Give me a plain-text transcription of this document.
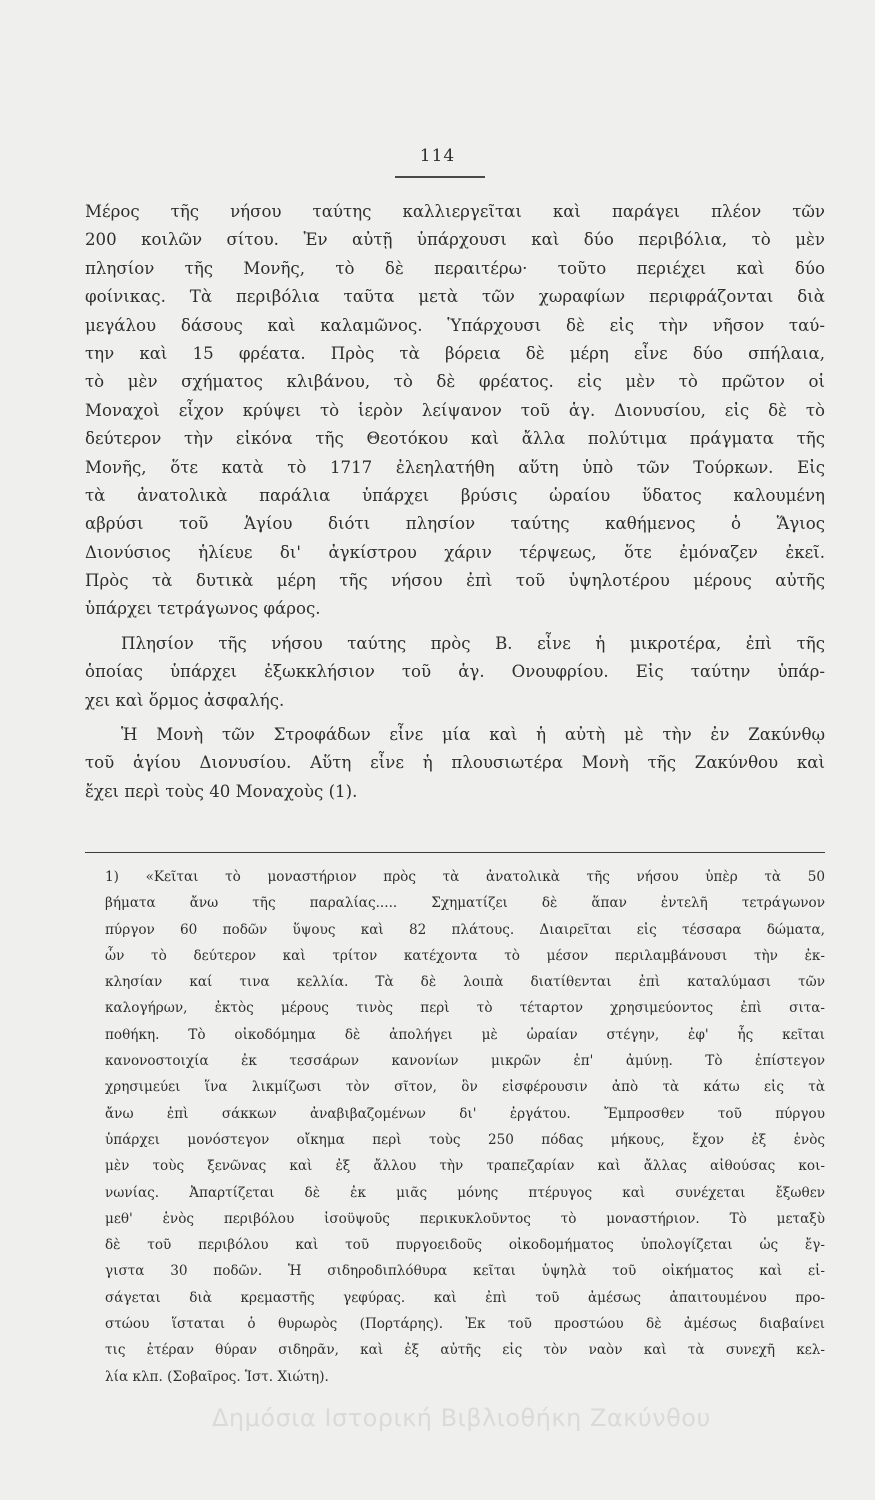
114
Μέρος τῆς νήσου ταύτης καλλιεργεῖται καὶ παράγει πλέον τῶν
200 κοιλῶν σίτου. Ἐν αὐτῇ ὑπάρχουσι καὶ δύο περιβόλια, τὸ μὲν
πλησίον τῆς Μονῆς, τὸ δὲ περαιτέρω· τοῦτο περιέχει καὶ δύο
φοίνικας. Τὰ περιβόλια ταῦτα μετὰ τῶν χωραφίων περιφράζονται διὰ
μεγάλου δάσους καὶ καλαμῶνος. Ὑπάρχουσι δὲ εἰς τὴν νῆσον ταύ-
την καὶ 15 φρέατα. Πρὸς τὰ βόρεια δὲ μέρη εἶνε δύο σπήλαια,
τὸ μὲν σχήματος κλιβάνου, τὸ δὲ φρέατος. εἰς μὲν τὸ πρῶτον οἱ
Μοναχοὶ εἶχον κρύψει τὸ ἱερὸν λείψανον τοῦ ἁγ. Διονυσίου, εἰς δὲ τὸ
δεύτερον τὴν εἰκόνα τῆς Θεοτόκου καὶ ἄλλα πολύτιμα πράγματα τῆς
Μονῆς, ὅτε κατὰ τὸ 1717 ἐλεηλατήθη αὕτη ὑπὸ τῶν Τούρκων. Εἰς
τὰ ἀνατολικὰ παράλια ὑπάρχει βρύσις ὡραίου ὕδατος καλουμένη
αβρύσι τοῦ Ἁγίου διότι πλησίον ταύτης καθήμενος ὁ Ἅγιος
Διονύσιος ἡλίευε δι' ἀγκίστρου χάριν τέρψεως, ὅτε ἐμόναζεν ἐκεῖ.
Πρὸς τὰ δυτικὰ μέρη τῆς νήσου ἐπὶ τοῦ ὑψηλοτέρου μέρους αὐτῆς
ὑπάρχει τετράγωνος φάρος.
Πλησίον τῆς νήσου ταύτης πρὸς Β. εἶνε ἡ μικροτέρα, ἐπὶ τῆς
ὁποίας ὑπάρχει ἐξωκκλήσιον τοῦ ἁγ. Ονουφρίου. Εἰς ταύτην ὑπάρ-
χει καὶ ὅρμος ἀσφαλής.
Ἡ Μονὴ τῶν Στροφάδων εἶνε μία καὶ ἡ αὐτὴ μὲ τὴν ἐν Ζακύνθῳ
τοῦ ἁγίου Διονυσίου. Αὕτη εἶνε ἡ πλουσιωτέρα Μονὴ τῆς Ζακύνθου καὶ
ἔχει περὶ τοὺς 40 Μοναχοὺς (1).
1) «Κεῖται τὸ μοναστήριον πρὸς τὰ ἀνατολικὰ τῆς νήσου ὑπὲρ τὰ 50
βήματα ἄνω τῆς παραλίας..... Σχηματίζει δὲ ἅπαν ἐντελῆ τετράγωνον
πύργον 60 ποδῶν ὕψους καὶ 82 πλάτους. Διαιρεῖται εἰς τέσσαρα δώματα,
ὧν τὸ δεύτερον καὶ τρίτον κατέχοντα τὸ μέσον περιλαμβάνουσι τὴν ἐκ-
κλησίαν καί τινα κελλία. Τὰ δὲ λοιπὰ διατίθενται ἐπὶ καταλύμασι τῶν
καλογήρων, ἐκτὸς μέρους τινὸς περὶ τὸ τέταρτον χρησιμεύοντος ἐπὶ σιτα-
ποθήκη. Τὸ οἰκοδόμημα δὲ ἀπολήγει μὲ ὡραίαν στέγην, ἐφ' ἧς κεῖται
κανονοστοιχία ἐκ τεσσάρων κανονίων μικρῶν ἐπ' ἀμύνῃ. Τὸ ἐπίστεγον
χρησιμεύει ἵνα λικμίζωσι τὸν σῖτον, ὃν εἰσφέρουσιν ἀπὸ τὰ κάτω εἰς τὰ
ἄνω ἐπὶ σάκκων ἀναβιβαζομένων δι' ἐργάτου. Ἔμπροσθεν τοῦ πύργου
ὑπάρχει μονόστεγον οἴκημα περὶ τοὺς 250 πόδας μήκους, ἔχον ἐξ ἑνὸς
μὲν τοὺς ξενῶνας καὶ ἐξ ἄλλου τὴν τραπεζαρίαν καὶ ἄλλας αἰθούσας κοι-
νωνίας. Ἀπαρτίζεται δὲ ἐκ μιᾶς μόνης πτέρυγος καὶ συνέχεται ἔξωθεν
μεθ' ἑνὸς περιβόλου ἰσοϋψοῦς περικυκλοῦντος τὸ μοναστήριον. Τὸ μεταξὺ
δὲ τοῦ περιβόλου καὶ τοῦ πυργοειδοῦς οἰκοδομήματος ὑπολογίζεται ὡς ἔγ-
γιστα 30 ποδῶν. Ἡ σιδηροδιπλόθυρα κεῖται ὑψηλὰ τοῦ οἰκήματος καὶ εἰ-
σάγεται διὰ κρεμαστῆς γεφύρας. καὶ ἐπὶ τοῦ ἀμέσως ἀπαιτουμένου προ-
στώου ἵσταται ὁ θυρωρὸς (Πορτάρης). Ἐκ τοῦ προστώου δὲ ἀμέσως διαβαίνει
τις ἑτέραν θύραν σιδηρᾶν, καὶ ἐξ αὐτῆς εἰς τὸν ναὸν καὶ τὰ συνεχῆ κελ-
λία κλπ. (Σοβαῖρος. Ἱστ. Χιώτη).
Δημόσια Ιστορική Βιβλιοθήκη Ζακύνθου
